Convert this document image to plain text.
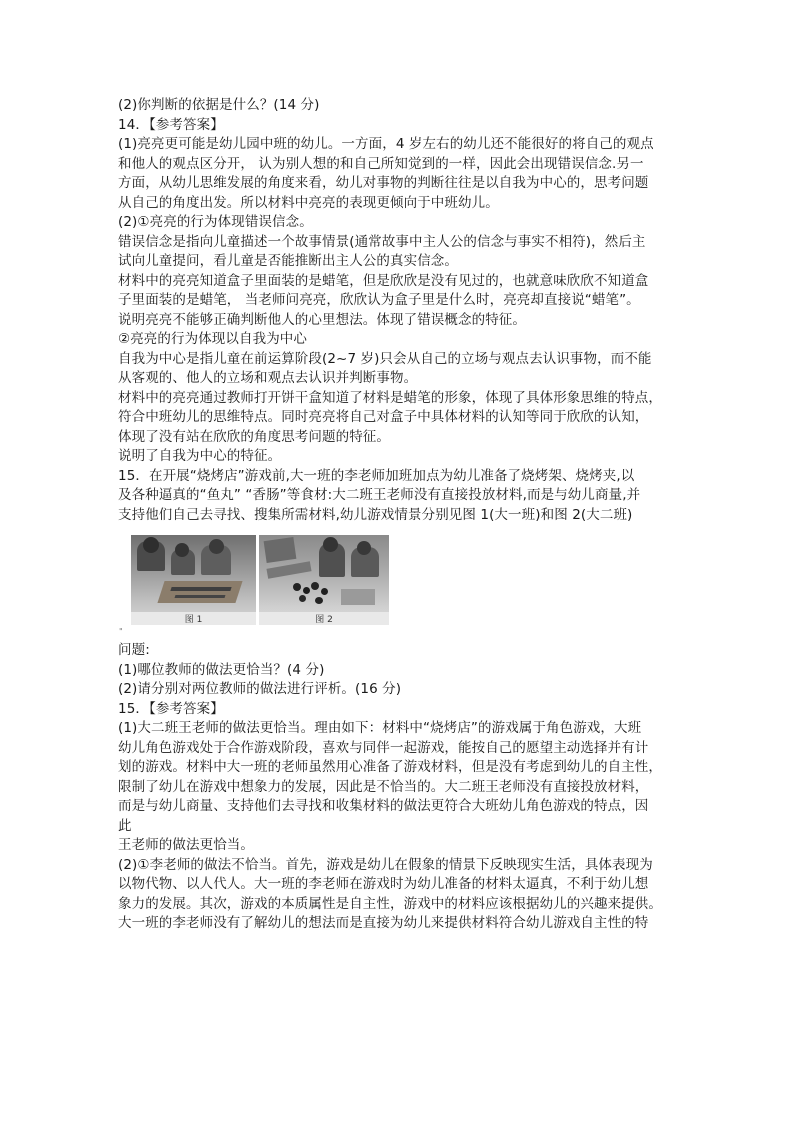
(2)你判断的依据是什么？(14 分)
14．【参考答案】
(1)亮亮更可能是幼儿园中班的幼儿。一方面，4 岁左右的幼儿还不能很好的将自己的观点
和他人的观点区分开， 认为别人想的和自己所知觉到的一样，因此会出现错误信念.另一
方面，从幼儿思维发展的角度来看，幼儿对事物的判断往往是以自我为中心的，思考问题
从自己的角度出发。所以材料中亮亮的表现更倾向于中班幼儿。
(2)①亮亮的行为体现错误信念。
错误信念是指向儿童描述一个故事情景(通常故事中主人公的信念与事实不相符)，然后主
试向儿童提问，看儿童是否能推断出主人公的真实信念。
材料中的亮亮知道盒子里面装的是蜡笔，但是欣欣是没有见过的，也就意味欣欣不知道盒
子里面装的是蜡笔， 当老师问亮亮，欣欣认为盒子里是什么时，亮亮却直接说“蜡笔”。
说明亮亮不能够正确判断他人的心里想法。体现了错误概念的特征。
②亮亮的行为体现以自我为中心
自我为中心是指儿童在前运算阶段(2~7 岁)只会从自己的立场与观点去认识事物，而不能
从客观的、他人的立场和观点去认识并判断事物。
材料中的亮亮通过教师打开饼干盒知道了材料是蜡笔的形象，体现了具体形象思维的特点，
符合中班幼儿的思维特点。同时亮亮将自己对盒子中具体材料的认知等同于欣欣的认知，
体现了没有站在欣欣的角度思考问题的特征。
说明了自我为中心的特征。
15．在开展“烧烤店”游戏前,大一班的李老师加班加点为幼儿准备了烧烤架、烧烤夹,以
及各种逼真的“鱼丸” “香肠”等食材:大二班王老师没有直接投放材料,而是与幼儿商量,并
支持他们自己去寻找、搜集所需材料,幼儿游戏情景分别见图 1(大一班)和图 2(大二班)
图 1	图 2
"
问题:
(1)哪位教师的做法更恰当？(4 分)
(2)请分别对两位教师的做法进行评析。(16 分)
15．【参考答案】
(1)大二班王老师的做法更恰当。理由如下：材料中“烧烤店”的游戏属于角色游戏，大班
幼儿角色游戏处于合作游戏阶段，喜欢与同伴一起游戏，能按自己的愿望主动选择并有计
划的游戏。材料中大一班的老师虽然用心准备了游戏材料，但是没有考虑到幼儿的自主性，
限制了幼儿在游戏中想象力的发展，因此是不恰当的。大二班王老师没有直接投放材料，
而是与幼儿商量、支持他们去寻找和收集材料的做法更符合大班幼儿角色游戏的特点，因
此
王老师的做法更恰当。
(2)①李老师的做法不恰当。首先，游戏是幼儿在假象的情景下反映现实生活，具体表现为
以物代物、以人代人。大一班的李老师在游戏时为幼儿准备的材料太逼真，不利于幼儿想
象力的发展。其次，游戏的本质属性是自主性，游戏中的材料应该根据幼儿的兴趣来提供。
大一班的李老师没有了解幼儿的想法而是直接为幼儿来提供材料符合幼儿游戏自主性的特
